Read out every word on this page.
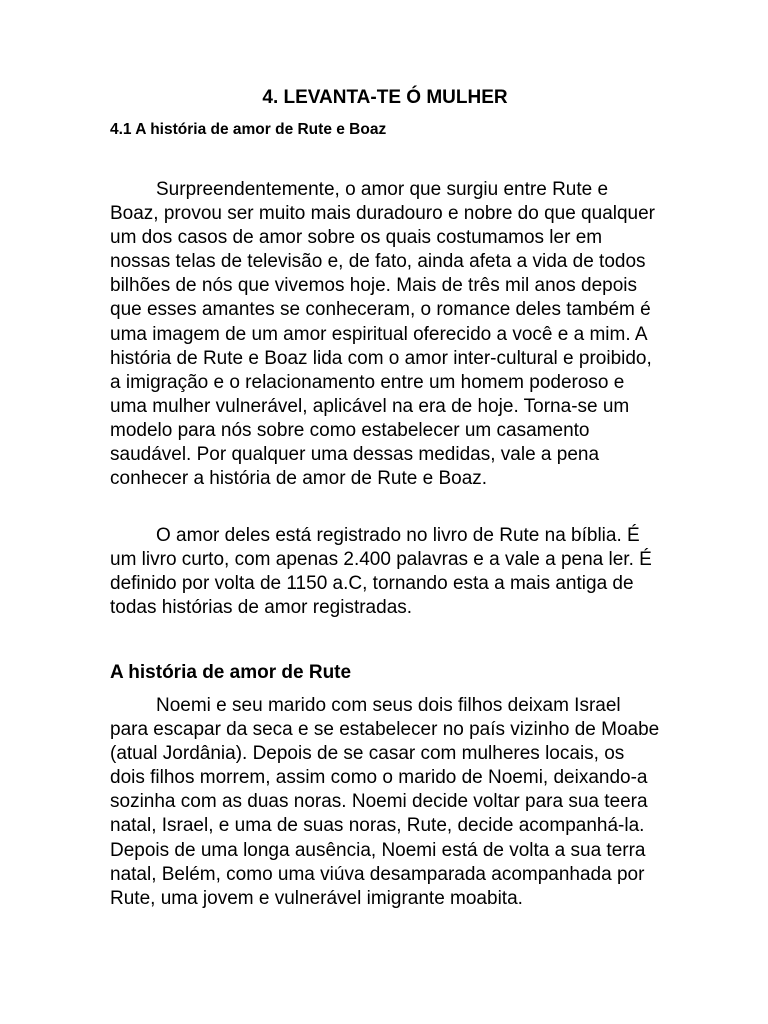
4. LEVANTA-TE Ó MULHER
4.1 A história de amor de Rute e Boaz

Surpreendentemente, o amor que surgiu entre Rute e Boaz, provou ser muito mais duradouro e nobre do que qualquer um dos casos de amor sobre os quais costumamos ler em nossas telas de televisão e, de fato, ainda afeta a vida de todos bilhões de nós que vivemos hoje. Mais de três mil anos depois que esses amantes se conheceram, o romance deles também é uma imagem de um amor espiritual oferecido a você e a mim. A história de Rute e Boaz lida com o amor inter-cultural e proibido, a imigração e o relacionamento entre um homem poderoso e uma mulher vulnerável, aplicável na era de hoje. Torna-se um modelo para nós sobre como estabelecer um casamento saudável. Por qualquer uma dessas medidas, vale a pena conhecer a história de amor de Rute e Boaz.

O amor deles está registrado no livro de Rute na bíblia. É um livro curto, com apenas 2.400 palavras e a vale a pena ler. É definido por volta de 1150 a.C, tornando esta a mais antiga de todas histórias de amor registradas.

A história de amor de Rute

Noemi e seu marido com seus dois filhos deixam Israel para escapar da seca e se estabelecer no país vizinho de Moabe (atual Jordânia). Depois de se casar com mulheres locais, os dois filhos morrem, assim como o marido de Noemi, deixando-a sozinha com as duas noras. Noemi decide voltar para sua teera natal, Israel, e uma de suas noras, Rute, decide acompanhá-la. Depois de uma longa ausência, Noemi está de volta a sua terra natal, Belém, como uma viúva desamparada acompanhada por Rute, uma jovem e vulnerável imigrante moabita.
